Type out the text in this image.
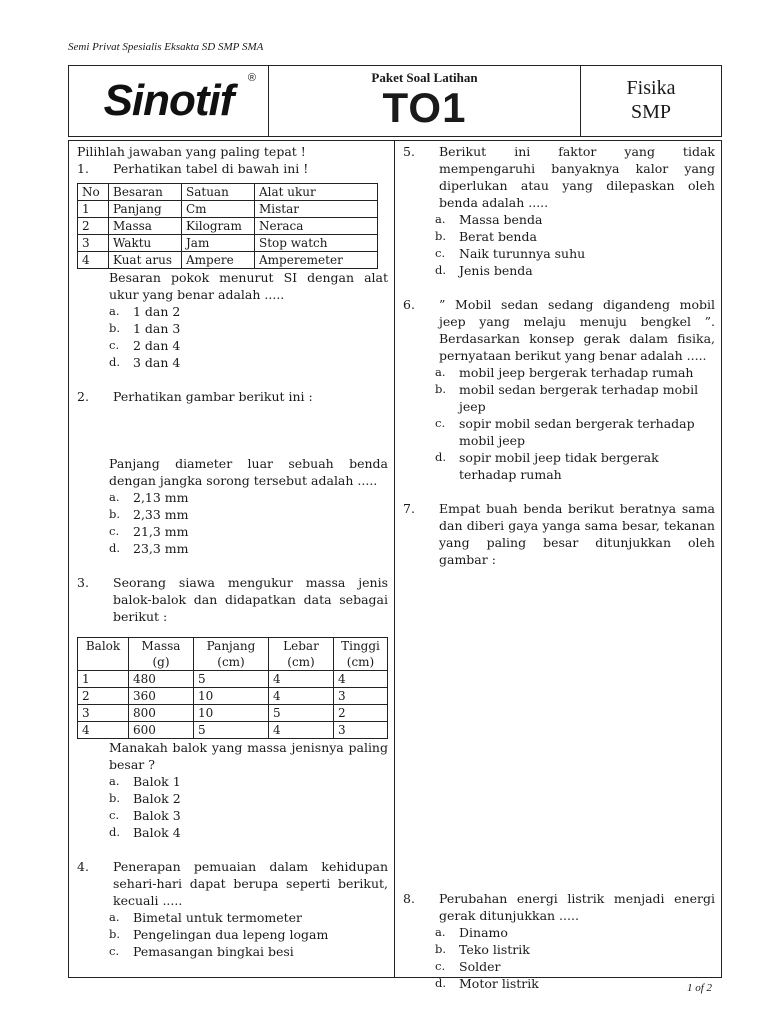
Semi Privat Spesialis Eksakta SD SMP SMA
Sinotif ®	Paket Soal Latihan
TO1	Fisika
SMP
Pilihlah jawaban yang paling tepat !
1.	Perhatikan tabel di bawah ini !
No	Besaran	Satuan	Alat ukur
1	Panjang	Cm	Mistar
2	Massa	Kilogram	Neraca
3	Waktu	Jam	Stop watch
4	Kuat arus	Ampere	Amperemeter
Besaran pokok menurut SI dengan alat ukur yang benar adalah .....
a.	1 dan 2
b.	1 dan 3
c.	2 dan 4
d.	3 dan 4
2.	Perhatikan gambar berikut ini :
Panjang diameter luar sebuah benda dengan jangka sorong tersebut adalah .....
a.	2,13 mm
b.	2,33 mm
c.	21,3 mm
d.	23,3 mm
3.	Seorang siawa mengukur massa jenis balok-balok dan didapatkan data sebagai berikut :
Balok	Massa (g)	Panjang (cm)	Lebar (cm)	Tinggi (cm)
1	480	5	4	4
2	360	10	4	3
3	800	10	5	2
4	600	5	4	3
Manakah balok yang massa jenisnya paling besar ?
a.	Balok 1
b.	Balok 2
c.	Balok 3
d.	Balok 4
4.	Penerapan pemuaian dalam kehidupan sehari-hari dapat berupa seperti berikut, kecuali .....
a.	Bimetal untuk termometer
b.	Pengelingan dua lepeng logam
c.	Pemasangan bingkai besi
5.	Berikut ini faktor yang tidak mempengaruhi banyaknya kalor yang diperlukan atau yang dilepaskan oleh benda adalah .....
a.	Massa benda
b.	Berat benda
c.	Naik turunnya suhu
d.	Jenis benda
6.	” Mobil sedan sedang digandeng mobil jeep yang melaju menuju bengkel ”. Berdasarkan konsep gerak dalam fisika, pernyataan berikut yang benar adalah .....
a.	mobil jeep bergerak terhadap rumah
b.	mobil sedan bergerak terhadap mobil jeep
c.	sopir mobil sedan bergerak terhadap mobil jeep
d.	sopir mobil jeep tidak bergerak terhadap rumah
7.	Empat buah benda berikut beratnya sama dan diberi gaya yanga sama besar, tekanan yang paling besar ditunjukkan oleh gambar :
8.	Perubahan energi listrik menjadi energi gerak ditunjukkan .....
a.	Dinamo
b.	Teko listrik
c.	Solder
d.	Motor listrik	1 of 2
